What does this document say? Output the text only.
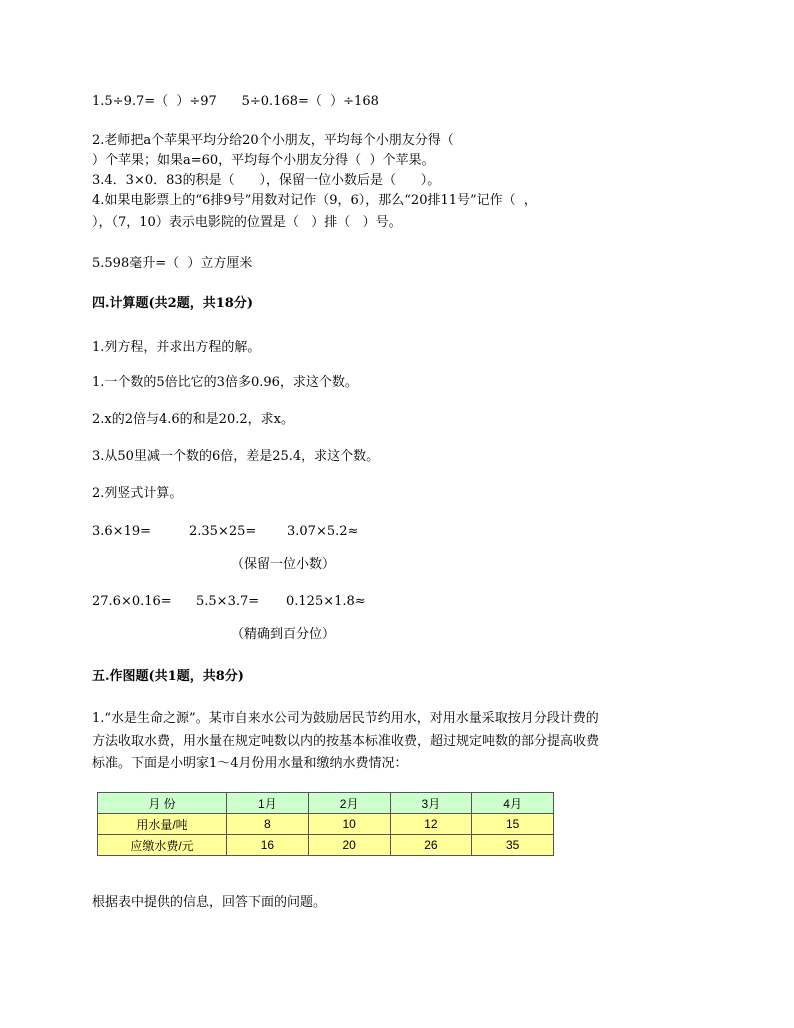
1.5÷9.7=（  ）÷97      5÷0.168=（  ）÷168
2.老师把a个苹果平均分给20个小朋友，平均每个小朋友分得（
）个苹果；如果a=60，平均每个小朋友分得（  ）个苹果。
3.4．3×0．83的积是（      ），保留一位小数后是（      ）。
4.如果电影票上的“6排9号”用数对记作（9，6），那么“20排11号”记作（  ，
），（7，10）表示电影院的位置是（   ）排（   ）号。
5.598毫升=（  ）立方厘米
四.计算题(共2题，共18分)
1.列方程，并求出方程的解。
1.一个数的5倍比它的3倍多0.96，求这个数。
2.x的2倍与4.6的和是20.2，求x。
3.从50里减一个数的6倍，差是25.4，求这个数。
2.列竖式计算。
3.6×19=	2.35×25= 3.07×5.2≈
（保留一位小数）
27.6×0.16= 5.5×3.7= 0.125×1.8≈
（精确到百分位）
五.作图题(共1题，共8分)
1.“水是生命之源”。某市自来水公司为鼓励居民节约用水，对用水量采取按月分段计费的
方法收取水费，用水量在规定吨数以内的按基本标准收费，超过规定吨数的部分提高收费
标准。下面是小明家1～4月份用水量和缴纳水费情况：
月 份	1月	2月	3月	4月
用水量/吨	8	10	12	15
应缴水费/元	16	20	26	35
根据表中提供的信息，回答下面的问题。
